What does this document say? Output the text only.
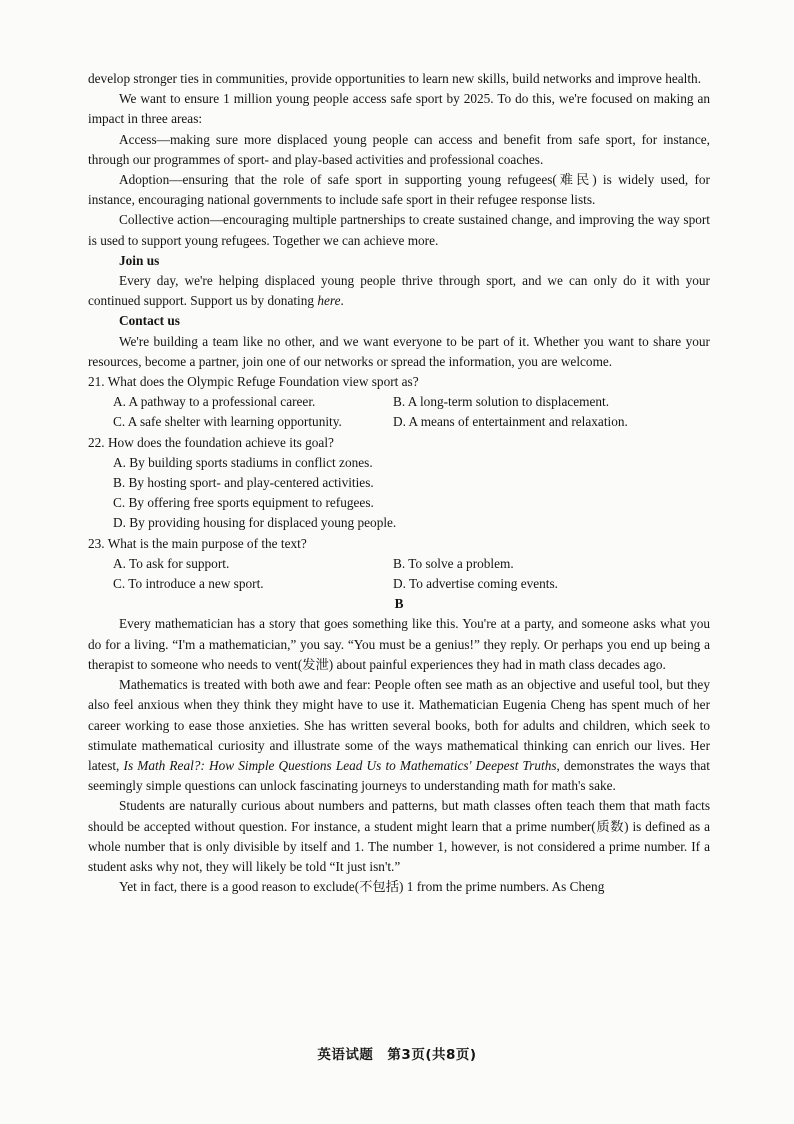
develop stronger ties in communities, provide opportunities to learn new skills, build networks and improve health.

We want to ensure 1 million young people access safe sport by 2025. To do this, we're focused on making an impact in three areas:

Access—making sure more displaced young people can access and benefit from safe sport, for instance, through our programmes of sport- and play-based activities and professional coaches.

Adoption—ensuring that the role of safe sport in supporting young refugees(难民) is widely used, for instance, encouraging national governments to include safe sport in their refugee response lists.

Collective action—encouraging multiple partnerships to create sustained change, and improving the way sport is used to support young refugees. Together we can achieve more.

Join us

Every day, we're helping displaced young people thrive through sport, and we can only do it with your continued support. Support us by donating here.

Contact us

We're building a team like no other, and we want everyone to be part of it. Whether you want to share your resources, become a partner, join one of our networks or spread the information, you are welcome.

21. What does the Olympic Refuge Foundation view sport as?

A. A pathway to a professional career.	B. A long-term solution to displacement.

C. A safe shelter with learning opportunity.	D. A means of entertainment and relaxation.

22. How does the foundation achieve its goal?

A. By building sports stadiums in conflict zones.

B. By hosting sport- and play-centered activities.

C. By offering free sports equipment to refugees.

D. By providing housing for displaced young people.

23. What is the main purpose of the text?

A. To ask for support.	B. To solve a problem.

C. To introduce a new sport.	D. To advertise coming events.

B

Every mathematician has a story that goes something like this. You're at a party, and someone asks what you do for a living. “I'm a mathematician,” you say. “You must be a genius!” they reply. Or perhaps you end up being a therapist to someone who needs to vent(发泄) about painful experiences they had in math class decades ago.

Mathematics is treated with both awe and fear: People often see math as an objective and useful tool, but they also feel anxious when they think they might have to use it. Mathematician Eugenia Cheng has spent much of her career working to ease those anxieties. She has written several books, both for adults and children, which seek to stimulate mathematical curiosity and illustrate some of the ways mathematical thinking can enrich our lives. Her latest, Is Math Real?: How Simple Questions Lead Us to Mathematics' Deepest Truths, demonstrates the ways that seemingly simple questions can unlock fascinating journeys to understanding math for math's sake.

Students are naturally curious about numbers and patterns, but math classes often teach them that math facts should be accepted without question. For instance, a student might learn that a prime number(质数) is defined as a whole number that is only divisible by itself and 1. The number 1, however, is not considered a prime number. If a student asks why not, they will likely be told “It just isn't.”

Yet in fact, there is a good reason to exclude(不包括) 1 from the prime numbers. As Cheng

英语试题　第3页(共8页)
